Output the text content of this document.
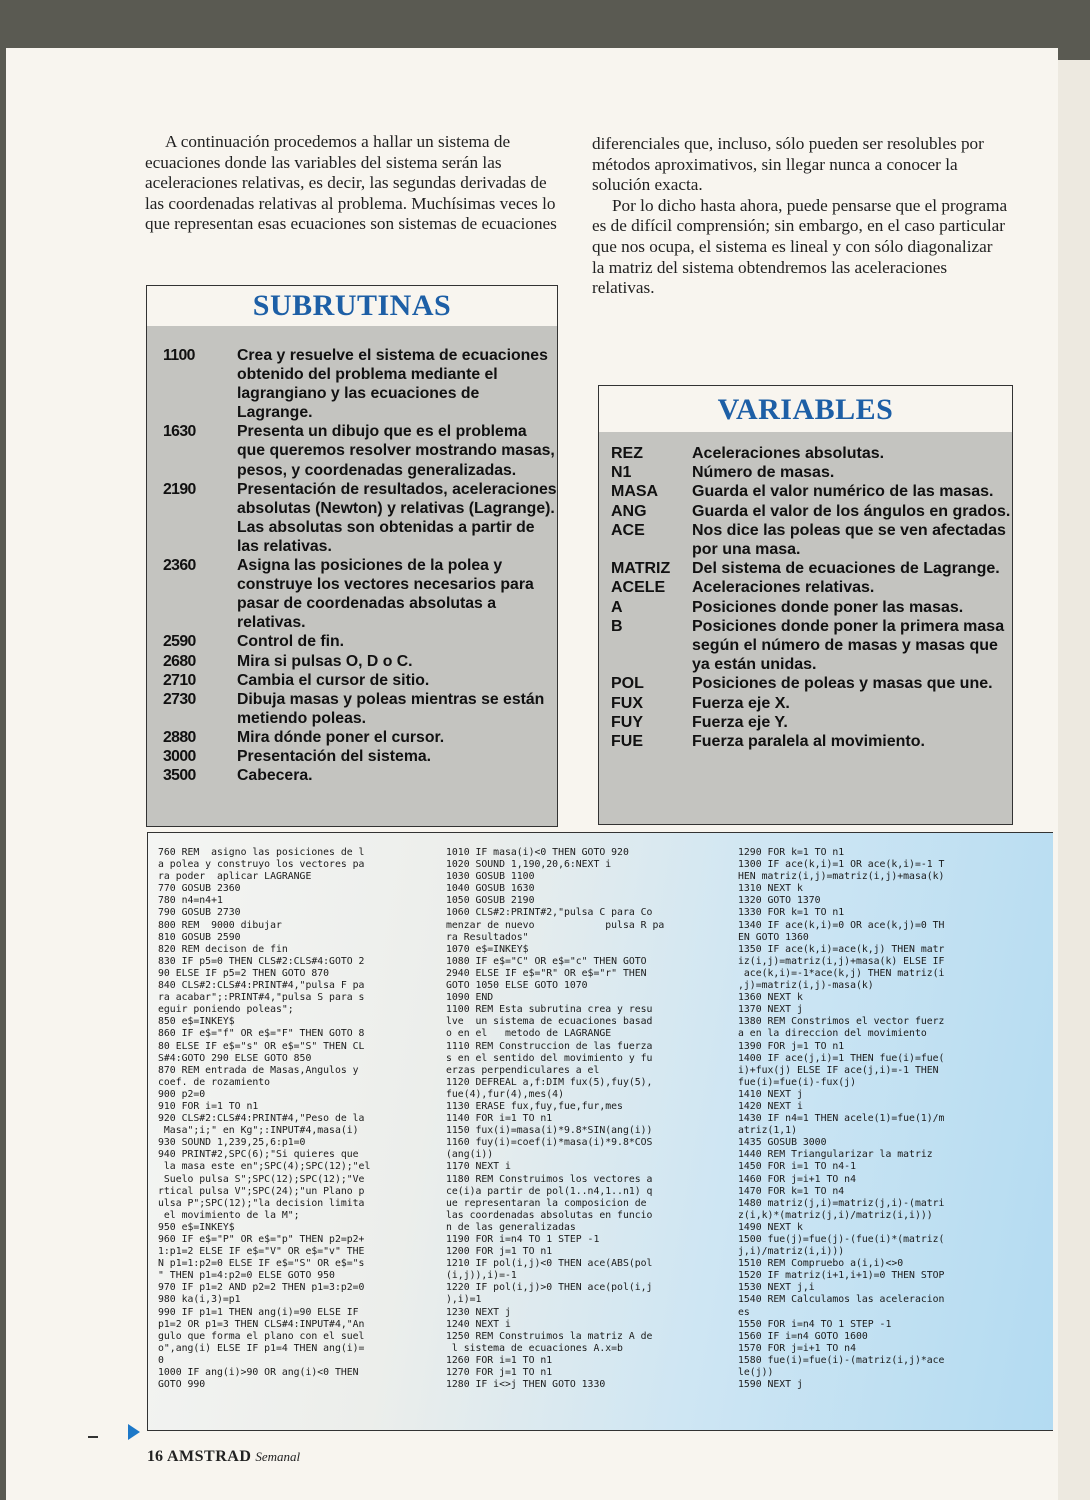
A continuación procedemos a hallar un sistema de ecuaciones donde las variables del sistema serán las aceleraciones relativas, es decir, las segundas derivadas de las coordenadas relativas al problema. Muchísimas veces lo que representan esas ecuaciones son sistemas de ecuaciones

diferenciales que, incluso, sólo pueden ser resolubles por métodos aproximativos, sin llegar nunca a conocer la solución exacta.

Por lo dicho hasta ahora, puede pensarse que el programa es de difícil comprensión; sin embargo, en el caso particular que nos ocupa, el sistema es lineal y con sólo diagonalizar la matriz del sistema obtendremos las aceleraciones relativas.

SUBRUTINAS
1100	Crea y resuelve el sistema de ecuaciones obtenido del problema mediante el lagrangiano y las ecuaciones de Lagrange.
1630	Presenta un dibujo que es el problema que queremos resolver mostrando masas, pesos, y coordenadas generalizadas.
2190	Presentación de resultados, aceleraciones absolutas (Newton) y relativas (Lagrange). Las absolutas son obtenidas a partir de las relativas.
2360	Asigna las posiciones de la polea y construye los vectores necesarios para pasar de coordenadas absolutas a relativas.
2590	Control de fin.
2680	Mira si pulsas O, D o C.
2710	Cambia el cursor de sitio.
2730	Dibuja masas y poleas mientras se están metiendo poleas.
2880	Mira dónde poner el cursor.
3000	Presentación del sistema.
3500	Cabecera.
VARIABLES
REZ	Aceleraciones absolutas.
N1	Número de masas.
MASA Guarda el valor numérico de las masas.
ANG	Guarda el valor de los ángulos en grados.
ACE	Nos dice las poleas que se ven afectadas por una masa.
MATRIZ Del sistema de ecuaciones de Lagrange.
ACELE Aceleraciones relativas.
A	Posiciones donde poner las masas.
B	Posiciones donde poner la primera masa según el número de masas y masas que ya están unidas.
POL	Posiciones de poleas y masas que une.
FUX	Fuerza eje X.
FUY	Fuerza eje Y.
FUE	Fuerza paralela al movimiento.
760 REM  asigno las posiciones de l
a polea y construyo los vectores pa
ra poder  aplicar LAGRANGE
770 GOSUB 2360
780 n4=n4+1
790 GOSUB 2730
800 REM  9000 dibujar
810 GOSUB 2590
820 REM decison de fin
830 IF p5=0 THEN CLS#2:CLS#4:GOTO 2
90 ELSE IF p5=2 THEN GOTO 870
840 CLS#2:CLS#4:PRINT#4,"pulsa F pa
ra acabar";:PRINT#4,"pulsa S para s
eguir poniendo poleas";
850 e$=INKEY$
860 IF e$="f" OR e$="F" THEN GOTO 8
80 ELSE IF e$="s" OR e$="S" THEN CL
S#4:GOTO 290 ELSE GOTO 850
870 REM entrada de Masas,Angulos y
coef. de rozamiento
900 p2=0
910 FOR i=1 TO n1
920 CLS#2:CLS#4:PRINT#4,"Peso de la
Masa";i;" en Kg";:INPUT#4,masa(i)
930 SOUND 1,239,25,6:p1=0
940 PRINT#2,SPC(6);"Si quieres que
la masa este en";SPC(4);SPC(12);"el
Suelo pulsa S";SPC(12);SPC(12);"Ve
rtical pulsa V";SPC(24);"un Plano p
ulsa P";SPC(12);"la decision limita
el movimiento de la M";
950 e$=INKEY$
960 IF e$="P" OR e$="p" THEN p2=p2+
1:p1=2 ELSE IF e$="V" OR e$="v" THE
N p1=1:p2=0 ELSE IF e$="S" OR e$="s
" THEN p1=4:p2=0 ELSE GOTO 950
970 IF p1=2 AND p2=2 THEN p1=3:p2=0
980 ka(i,3)=p1
990 IF p1=1 THEN ang(i)=90 ELSE IF
p1=2 OR p1=3 THEN CLS#4:INPUT#4,"An
gulo que forma el plano con el suel
o",ang(i) ELSE IF p1=4 THEN ang(i)=
0
1000 IF ang(i)>90 OR ang(i)<0 THEN
GOTO 990
1010 IF masa(i)<0 THEN GOTO 920
1020 SOUND 1,190,20,6:NEXT i
1030 GOSUB 1100
1040 GOSUB 1630
1050 GOSUB 2190
1060 CLS#2:PRINT#2,"pulsa C para Co
menzar de nuevo            pulsa R pa
ra Resultados"
1070 e$=INKEY$
1080 IF e$="C" OR e$="c" THEN GOTO
2940 ELSE IF e$="R" OR e$="r" THEN
GOTO 1050 ELSE GOTO 1070
1090 END
1100 REM Esta subrutina crea y resu
lve  un sistema de ecuaciones basad
o en el   metodo de LAGRANGE
1110 REM Construccion de las fuerza
s en el sentido del movimiento y fu
erzas perpendiculares a el
1120 DEFREAL a,f:DIM fux(5),fuy(5),
fue(4),fur(4),mes(4)
1130 ERASE fux,fuy,fue,fur,mes
1140 FOR i=1 TO n1
1150 fux(i)=masa(i)*9.8*SIN(ang(i))
1160 fuy(i)=coef(i)*masa(i)*9.8*COS
(ang(i))
1170 NEXT i
1180 REM Construimos los vectores a
ce(i)a partir de pol(1..n4,1..n1) q
ue representaran la composicion de
las coordenadas absolutas en funcio
n de las generalizadas
1190 FOR i=n4 TO 1 STEP -1
1200 FOR j=1 TO n1
1210 IF pol(i,j)<0 THEN ace(ABS(pol
(i,j)),i)=-1
1220 IF pol(i,j)>0 THEN ace(pol(i,j
),i)=1
1230 NEXT j
1240 NEXT i
1250 REM Construimos la matriz A de
l sistema de ecuaciones A.x=b
1260 FOR i=1 TO n1
1270 FOR j=1 TO n1
1280 IF i<>j THEN GOTO 1330
1290 FOR k=1 TO n1
1300 IF ace(k,i)=1 OR ace(k,i)=-1 T
HEN matriz(i,j)=matriz(i,j)+masa(k)
1310 NEXT k
1320 GOTO 1370
1330 FOR k=1 TO n1
1340 IF ace(k,i)=0 OR ace(k,j)=0 TH
EN GOTO 1360
1350 IF ace(k,i)=ace(k,j) THEN matr
iz(i,j)=matriz(i,j)+masa(k) ELSE IF
ace(k,i)=-1*ace(k,j) THEN matriz(i
,j)=matriz(i,j)-masa(k)
1360 NEXT k
1370 NEXT j
1380 REM Constrimos el vector fuerz
a en la direccion del movimiento
1390 FOR j=1 TO n1
1400 IF ace(j,i)=1 THEN fue(i)=fue(
i)+fux(j) ELSE IF ace(j,i)=-1 THEN
fue(i)=fue(i)-fux(j)
1410 NEXT j
1420 NEXT i
1430 IF n4=1 THEN acele(1)=fue(1)/m
atriz(1,1)
1435 GOSUB 3000
1440 REM Triangularizar la matriz
1450 FOR i=1 TO n4-1
1460 FOR j=i+1 TO n4
1470 FOR k=1 TO n4
1480 matriz(j,i)=matriz(j,i)-(matri
z(i,k)*(matriz(j,i)/matriz(i,i)))
1490 NEXT k
1500 fue(j)=fue(j)-(fue(i)*(matriz(
j,i)/matriz(i,i)))
1510 REM Compruebo a(i,i)<>0
1520 IF matriz(i+1,i+1)=0 THEN STOP
1530 NEXT j,i
1540 REM Calculamos las aceleracion
es
1550 FOR i=n4 TO 1 STEP -1
1560 IF i=n4 GOTO 1600
1570 FOR j=i+1 TO n4
1580 fue(i)=fue(i)-(matriz(i,j)*ace
le(j))
1590 NEXT j
16 AMSTRAD Semanal
